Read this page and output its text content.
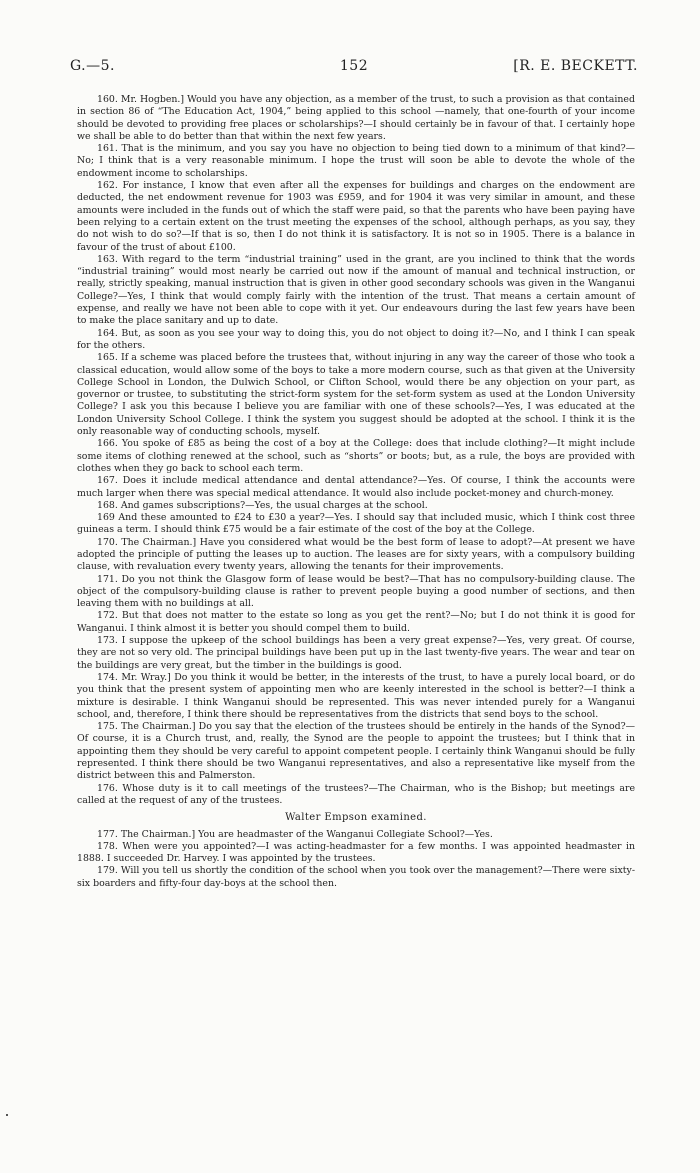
G.—5.	152	[R. E. BECKETT.

160. Mr. Hogben.] Would you have any objection, as a member of the trust, to such a provision as that contained in section 86 of “The Education Act, 1904,” being applied to this school —namely, that one-fourth of your income should be devoted to providing free places or scholarships?—I should certainly be in favour of that. I certainly hope we shall be able to do better than that within the next few years.

161. That is the minimum, and you say you have no objection to being tied down to a minimum of that kind?—No; I think that is a very reasonable minimum. I hope the trust will soon be able to devote the whole of the endowment income to scholarships.

162. For instance, I know that even after all the expenses for buildings and charges on the endowment are deducted, the net endowment revenue for 1903 was £959, and for 1904 it was very similar in amount, and these amounts were included in the funds out of which the staff were paid, so that the parents who have been paying have been relying to a certain extent on the trust meeting the expenses of the school, although perhaps, as you say, they do not wish to do so?—If that is so, then I do not think it is satisfactory. It is not so in 1905. There is a balance in favour of the trust of about £100.

163. With regard to the term “industrial training” used in the grant, are you inclined to think that the words “industrial training” would most nearly be carried out now if the amount of manual and technical instruction, or really, strictly speaking, manual instruction that is given in other good secondary schools was given in the Wanganui College?—Yes, I think that would comply fairly with the intention of the trust. That means a certain amount of expense, and really we have not been able to cope with it yet. Our endeavours during the last few years have been to make the place sanitary and up to date.

164. But, as soon as you see your way to doing this, you do not object to doing it?—No, and I think I can speak for the others.

165. If a scheme was placed before the trustees that, without injuring in any way the career of those who took a classical education, would allow some of the boys to take a more modern course, such as that given at the University College School in London, the Dulwich School, or Clifton School, would there be any objection on your part, as governor or trustee, to substituting the strict-form system for the set-form system as used at the London University College? I ask you this because I believe you are familiar with one of these schools?—Yes, I was educated at the London University School College. I think the system you suggest should be adopted at the school. I think it is the only reasonable way of conducting schools, myself.

166. You spoke of £85 as being the cost of a boy at the College: does that include clothing?—It might include some items of clothing renewed at the school, such as “shorts” or boots; but, as a rule, the boys are provided with clothes when they go back to school each term.

167. Does it include medical attendance and dental attendance?—Yes. Of course, I think the accounts were much larger when there was special medical attendance. It would also include pocket-money and church-money.

168. And games subscriptions?—Yes, the usual charges at the school.

169 And these amounted to £24 to £30 a year?—Yes. I should say that included music, which I think cost three guineas a term. I should think £75 would be a fair estimate of the cost of the boy at the College.

170. The Chairman.] Have you considered what would be the best form of lease to adopt?—At present we have adopted the principle of putting the leases up to auction. The leases are for sixty years, with a compulsory building clause, with revaluation every twenty years, allowing the tenants for their improvements.

171. Do you not think the Glasgow form of lease would be best?—That has no compulsory-building clause. The object of the compulsory-building clause is rather to prevent people buying a good number of sections, and then leaving them with no buildings at all.

172. But that does not matter to the estate so long as you get the rent?—No; but I do not think it is good for Wanganui. I think almost it is better you should compel them to build.

173. I suppose the upkeep of the school buildings has been a very great expense?—Yes, very great. Of course, they are not so very old. The principal buildings have been put up in the last twenty-five years. The wear and tear on the buildings are very great, but the timber in the buildings is good.

174. Mr. Wray.] Do you think it would be better, in the interests of the trust, to have a purely local board, or do you think that the present system of appointing men who are keenly interested in the school is better?—I think a mixture is desirable. I think Wanganui should be represented. This was never intended purely for a Wanganui school, and, therefore, I think there should be representatives from the districts that send boys to the school.

175. The Chairman.] Do you say that the election of the trustees should be entirely in the hands of the Synod?—Of course, it is a Church trust, and, really, the Synod are the people to appoint the trustees; but I think that in appointing them they should be very careful to appoint competent people. I certainly think Wanganui should be fully represented. I think there should be two Wanganui representatives, and also a representative like myself from the district between this and Palmerston.

176. Whose duty is it to call meetings of the trustees?—The Chairman, who is the Bishop; but meetings are called at the request of any of the trustees.

Walter Empson examined.

177. The Chairman.] You are headmaster of the Wanganui Collegiate School?—Yes.

178. When were you appointed?—I was acting-headmaster for a few months. I was appointed headmaster in 1888. I succeeded Dr. Harvey. I was appointed by the trustees.

179. Will you tell us shortly the condition of the school when you took over the management?—There were sixty-six boarders and fifty-four day-boys at the school then.
